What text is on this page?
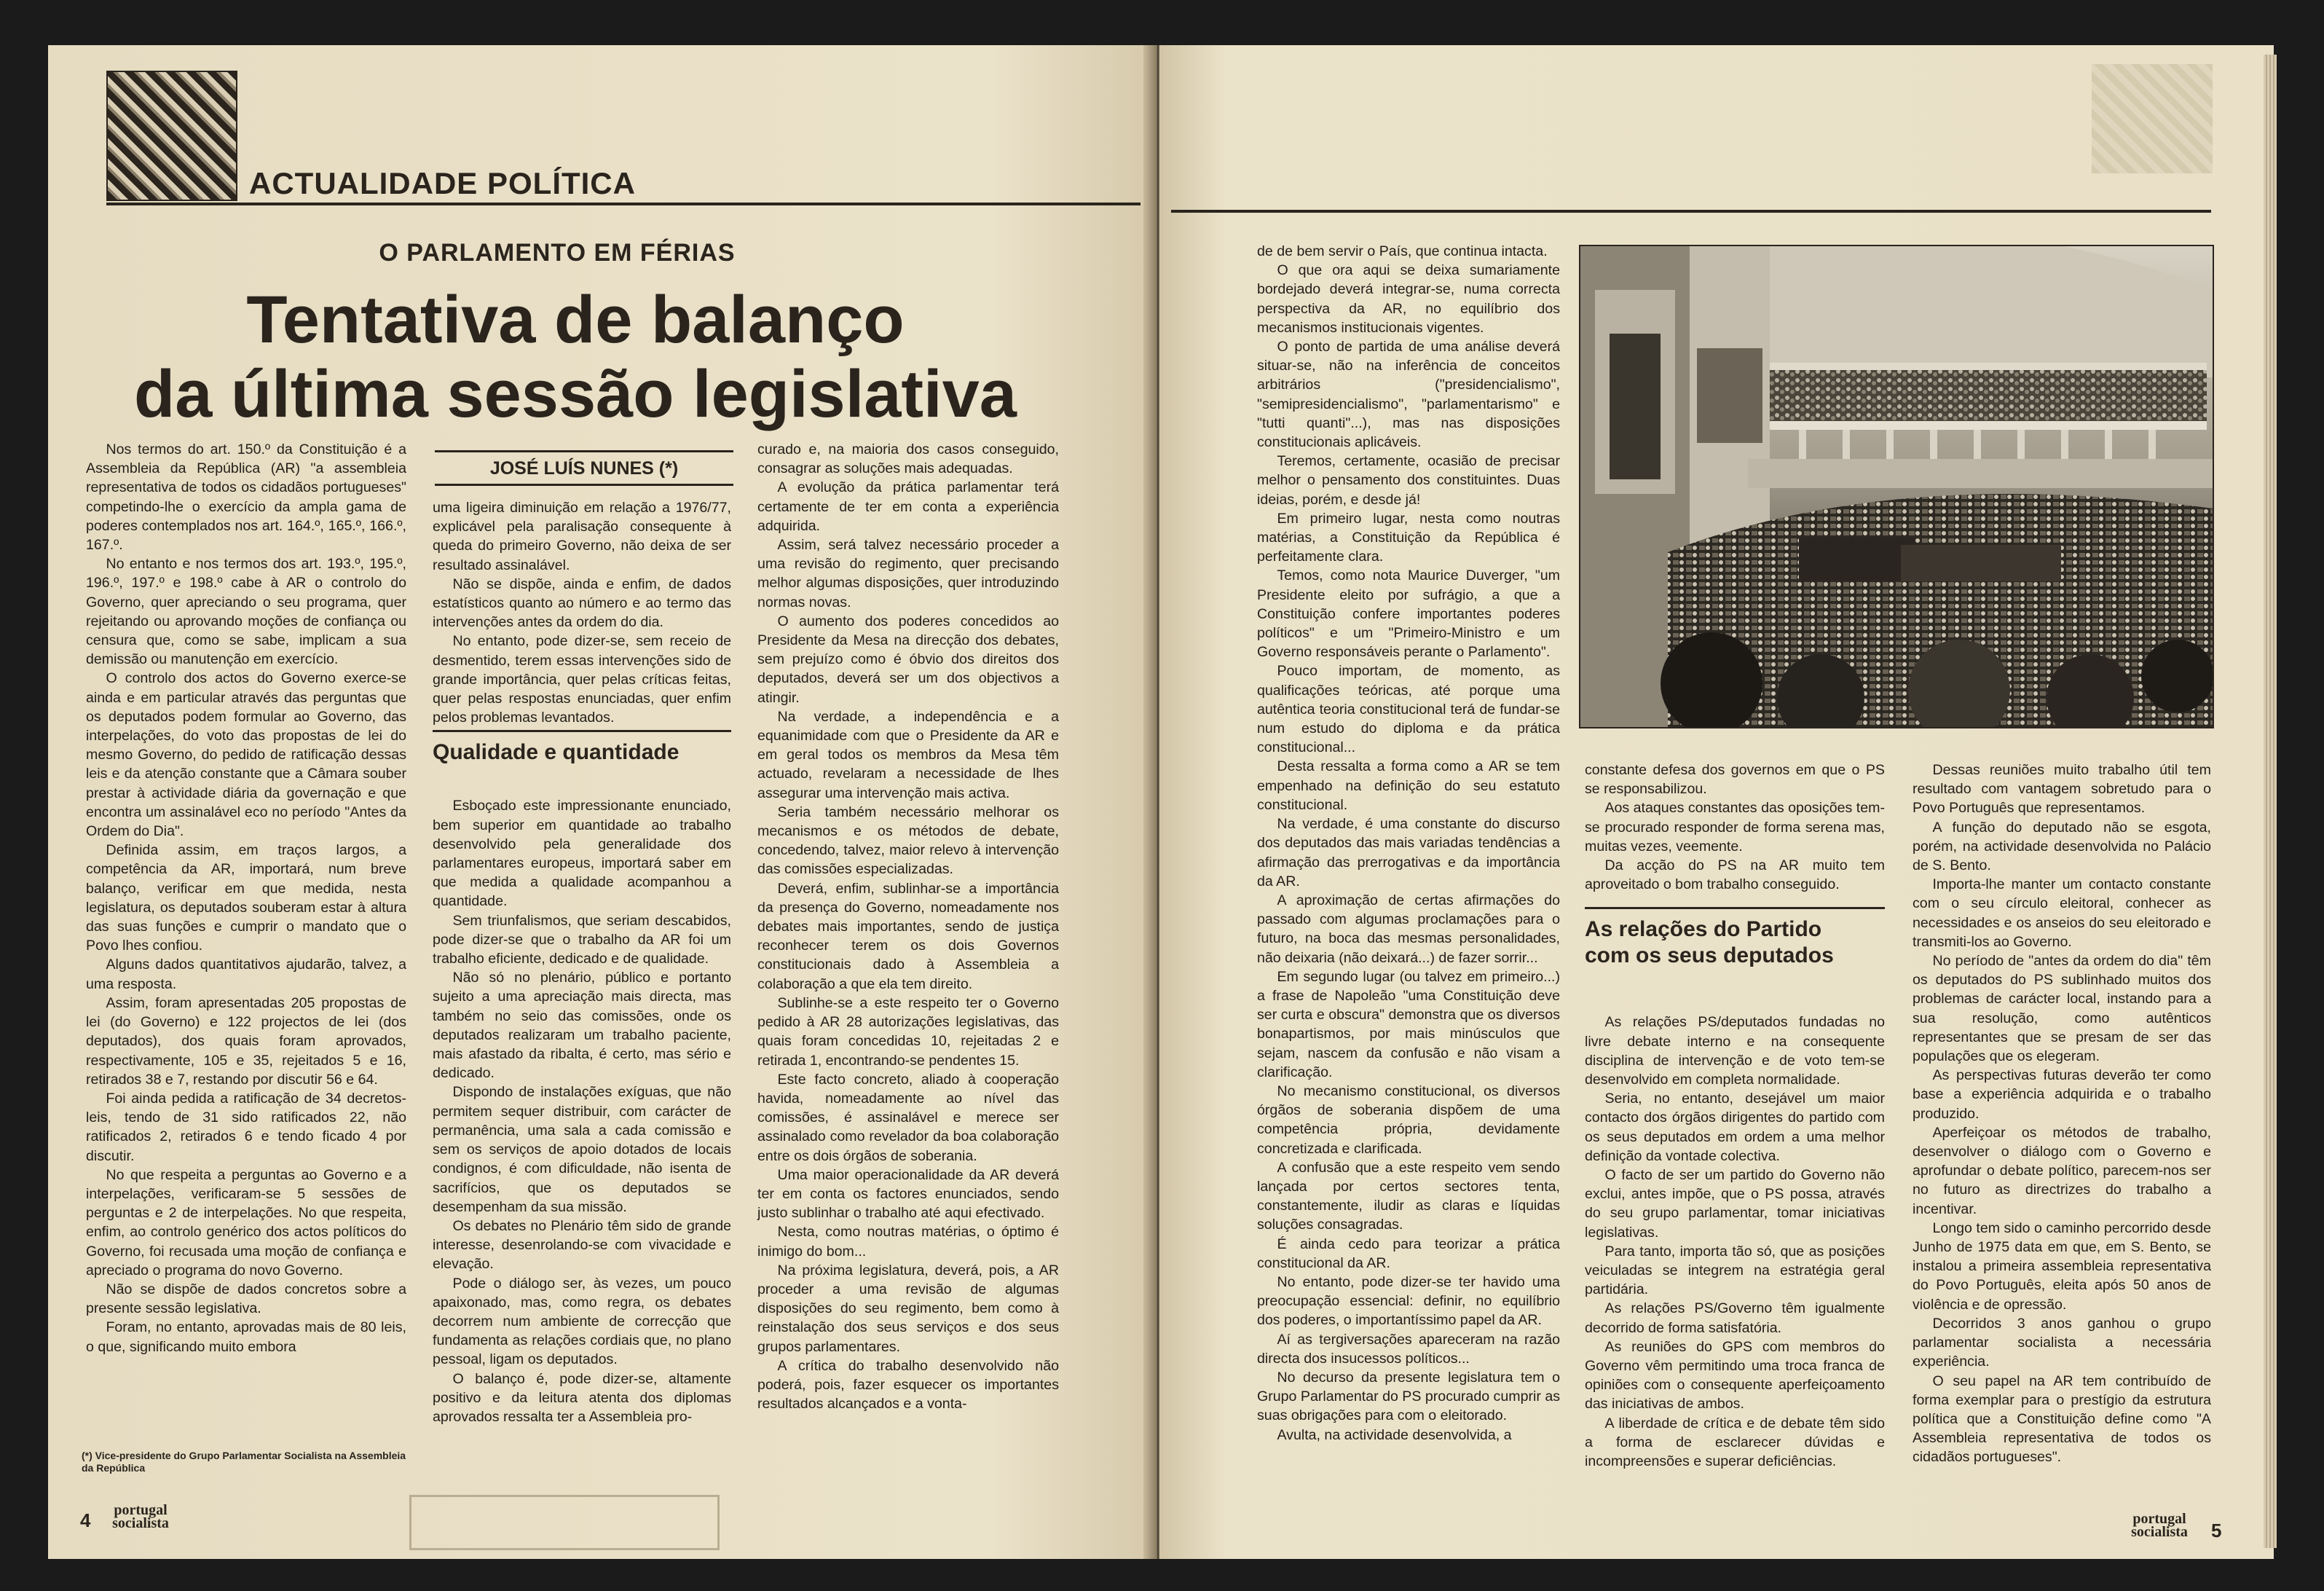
ACTUALIDADE POLÍTICA
O PARLAMENTO EM FÉRIAS
Tentativa de balanço
da última sessão legislativa
JOSÉ LUÍS NUNES (*)

Nos termos do art. 150.º da Constituição é a Assembleia da República (AR) "a assembleia representativa de todos os cidadãos portugueses" competindo-lhe o exercício da ampla gama de poderes contemplados nos art. 164.º, 165.º, 166.º, 167.º.

No entanto e nos termos dos art. 193.º, 195.º, 196.º, 197.º e 198.º cabe à AR o controlo do Governo, quer apreciando o seu programa, quer rejeitando ou aprovando moções de confiança ou censura que, como se sabe, implicam a sua demissão ou manutenção em exercício.

O controlo dos actos do Governo exerce-se ainda e em particular através das perguntas que os deputados podem formular ao Governo, das interpelações, do voto das propostas de lei do mesmo Governo, do pedido de ratificação dessas leis e da atenção constante que a Câmara souber prestar à actividade diária da governação e que encontra um assinalável eco no período "Antes da Ordem do Dia".

Definida assim, em traços largos, a competência da AR, importará, num breve balanço, verificar em que medida, nesta legislatura, os deputados souberam estar à altura das suas funções e cumprir o mandato que o Povo lhes confiou.

Alguns dados quantitativos ajudarão, talvez, a uma resposta.

Assim, foram apresentadas 205 propostas de lei (do Governo) e 122 projectos de lei (dos deputados), dos quais foram aprovados, respectivamente, 105 e 35, rejeitados 5 e 16, retirados 38 e 7, restando por discutir 56 e 64.

Foi ainda pedida a ratificação de 34 decretos-leis, tendo de 31 sido ratificados 22, não ratificados 2, retirados 6 e tendo ficado 4 por discutir.

No que respeita a perguntas ao Governo e a interpelações, verificaram-se 5 sessões de perguntas e 2 de interpelações. No que respeita, enfim, ao controlo genérico dos actos políticos do Governo, foi recusada uma moção de confiança e apreciado o programa do novo Governo.

Não se dispõe de dados concretos sobre a presente sessão legislativa.

Foram, no entanto, aprovadas mais de 80 leis, o que, significando muito embora

uma ligeira diminuição em relação a 1976/77, explicável pela paralisação consequente à queda do primeiro Governo, não deixa de ser resultado assinalável.

Não se dispõe, ainda e enfim, de dados estatísticos quanto ao número e ao termo das intervenções antes da ordem do dia.

No entanto, pode dizer-se, sem receio de desmentido, terem essas intervenções sido de grande importância, quer pelas críticas feitas, quer pelas respostas enunciadas, quer enfim pelos problemas levantados.

Qualidade e quantidade

Esboçado este impressionante enunciado, bem superior em quantidade ao trabalho desenvolvido pela generalidade dos parlamentares europeus, importará saber em que medida a qualidade acompanhou a quantidade.

Sem triunfalismos, que seriam descabidos, pode dizer-se que o trabalho da AR foi um trabalho eficiente, dedicado e de qualidade.

Não só no plenário, público e portanto sujeito a uma apreciação mais directa, mas também no seio das comissões, onde os deputados realizaram um trabalho paciente, mais afastado da ribalta, é certo, mas sério e dedicado.

Dispondo de instalações exíguas, que não permitem sequer distribuir, com carácter de permanência, uma sala a cada comissão e sem os serviços de apoio dotados de locais condignos, é com dificuldade, não isenta de sacrifícios, que os deputados se desempenham da sua missão.

Os debates no Plenário têm sido de grande interesse, desenrolando-se com vivacidade e elevação.

Pode o diálogo ser, às vezes, um pouco apaixonado, mas, como regra, os debates decorrem num ambiente de correcção que fundamenta as relações cordiais que, no plano pessoal, ligam os deputados.

O balanço é, pode dizer-se, altamente positivo e da leitura atenta dos diplomas aprovados ressalta ter a Assembleia pro-

curado e, na maioria dos casos conseguido, consagrar as soluções mais adequadas.

A evolução da prática parlamentar terá certamente de ter em conta a experiência adquirida.

Assim, será talvez necessário proceder a uma revisão do regimento, quer precisando melhor algumas disposições, quer introduzindo normas novas.

O aumento dos poderes concedidos ao Presidente da Mesa na direcção dos debates, sem prejuízo como é óbvio dos direitos dos deputados, deverá ser um dos objectivos a atingir.

Na verdade, a independência e a equanimidade com que o Presidente da AR e em geral todos os membros da Mesa têm actuado, revelaram a necessidade de lhes assegurar uma intervenção mais activa.

Seria também necessário melhorar os mecanismos e os métodos de debate, concedendo, talvez, maior relevo à intervenção das comissões especializadas.

Deverá, enfim, sublinhar-se a importância da presença do Governo, nomeadamente nos debates mais importantes, sendo de justiça reconhecer terem os dois Governos constitucionais dado à Assembleia a colaboração a que ela tem direito.

Sublinhe-se a este respeito ter o Governo pedido à AR 28 autorizações legislativas, das quais foram concedidas 10, rejeitadas 2 e retirada 1, encontrando-se pendentes 15.

Este facto concreto, aliado à cooperação havida, nomeadamente ao nível das comissões, é assinalável e merece ser assinalado como revelador da boa colaboração entre os dois órgãos de soberania.

Uma maior operacionalidade da AR deverá ter em conta os factores enunciados, sendo justo sublinhar o trabalho até aqui efectivado.

Nesta, como noutras matérias, o óptimo é inimigo do bom...

Na próxima legislatura, deverá, pois, a AR proceder a uma revisão de algumas disposições do seu regimento, bem como à reinstalação dos seus serviços e dos seus grupos parlamentares.

A crítica do trabalho desenvolvido não poderá, pois, fazer esquecer os importantes resultados alcançados e a vonta-

(*) Vice-presidente do Grupo Parlamentar Socialista na Assembleia da República
4	portugal
socialista

de de bem servir o País, que continua intacta.

O que ora aqui se deixa sumariamente bordejado deverá integrar-se, numa correcta perspectiva da AR, no equilíbrio dos mecanismos institucionais vigentes.

O ponto de partida de uma análise deverá situar-se, não na inferência de conceitos arbitrários ("presidencialismo", "semipresidencialismo", "parlamentarismo" e "tutti quanti"...), mas nas disposições constitucionais aplicáveis.

Teremos, certamente, ocasião de precisar melhor o pensamento dos constituintes. Duas ideias, porém, e desde já!

Em primeiro lugar, nesta como noutras matérias, a Constituição da República é perfeitamente clara.

Temos, como nota Maurice Duverger, "um Presidente eleito por sufrágio, a que a Constituição confere importantes poderes políticos" e um "Primeiro-Ministro e um Governo responsáveis perante o Parlamento".

Pouco importam, de momento, as qualificações teóricas, até porque uma autêntica teoria constitucional terá de fundar-se num estudo do diploma e da prática constitucional...

Desta ressalta a forma como a AR se tem empenhado na definição do seu estatuto constitucional.

Na verdade, é uma constante do discurso dos deputados das mais variadas tendências a afirmação das prerrogativas e da importância da AR.

A aproximação de certas afirmações do passado com algumas proclamações para o futuro, na boca das mesmas personalidades, não deixaria (não deixará...) de fazer sorrir...

Em segundo lugar (ou talvez em primeiro...) a frase de Napoleão "uma Constituição deve ser curta e obscura" demonstra que os diversos bonapartismos, por mais minúsculos que sejam, nascem da confusão e não visam a clarificação.

No mecanismo constitucional, os diversos órgãos de soberania dispõem de uma competência própria, devidamente concretizada e clarificada.

A confusão que a este respeito vem sendo lançada por certos sectores tenta, constantemente, iludir as claras e líquidas soluções consagradas.

É ainda cedo para teorizar a prática constitucional da AR.

No entanto, pode dizer-se ter havido uma preocupação essencial: definir, no equilíbrio dos poderes, o importantíssimo papel da AR.

Aí as tergiversações apareceram na razão directa dos insucessos políticos...

No decurso da presente legislatura tem o Grupo Parlamentar do PS procurado cumprir as suas obrigações para com o eleitorado.

Avulta, na actividade desenvolvida, a

constante defesa dos governos em que o PS se responsabilizou.

Aos ataques constantes das oposições tem-se procurado responder de forma serena mas, muitas vezes, veemente.

Da acção do PS na AR muito tem aproveitado o bom trabalho conseguido.

As relações do Partido
com os seus deputados

As relações PS/deputados fundadas no livre debate interno e na consequente disciplina de intervenção e de voto tem-se desenvolvido em completa normalidade.

Seria, no entanto, desejável um maior contacto dos órgãos dirigentes do partido com os seus deputados em ordem a uma melhor definição da vontade colectiva.

O facto de ser um partido do Governo não exclui, antes impõe, que o PS possa, através do seu grupo parlamentar, tomar iniciativas legislativas.

Para tanto, importa tão só, que as posições veiculadas se integrem na estratégia geral partidária.

As relações PS/Governo têm igualmente decorrido de forma satisfatória.

As reuniões do GPS com membros do Governo vêm permitindo uma troca franca de opiniões com o consequente aperfeiçoamento das iniciativas de ambos.

A liberdade de crítica e de debate têm sido a forma de esclarecer dúvidas e incompreensões e superar deficiências.

Dessas reuniões muito trabalho útil tem resultado com vantagem sobretudo para o Povo Português que representamos.

A função do deputado não se esgota, porém, na actividade desenvolvida no Palácio de S. Bento.

Importa-lhe manter um contacto constante com o seu círculo eleitoral, conhecer as necessidades e os anseios do seu eleitorado e transmiti-los ao Governo.

No período de "antes da ordem do dia" têm os deputados do PS sublinhado muitos dos problemas de carácter local, instando para a sua resolução, como autênticos representantes que se presam de ser das populações que os elegeram.

As perspectivas futuras deverão ter como base a experiência adquirida e o trabalho produzido.

Aperfeiçoar os métodos de trabalho, desenvolver o diálogo com o Governo e aprofundar o debate político, parecem-nos ser no futuro as directrizes do trabalho a incentivar.

Longo tem sido o caminho percorrido desde Junho de 1975 data em que, em S. Bento, se instalou a primeira assembleia representativa do Povo Português, eleita após 50 anos de violência e de opressão.

Decorridos 3 anos ganhou o grupo parlamentar socialista a necessária experiência.

O seu papel na AR tem contribuído de forma exemplar para o prestígio da estrutura política que a Constituição define como "A Assembleia representativa de todos os cidadãos portugueses".

portugal
socialista	5
